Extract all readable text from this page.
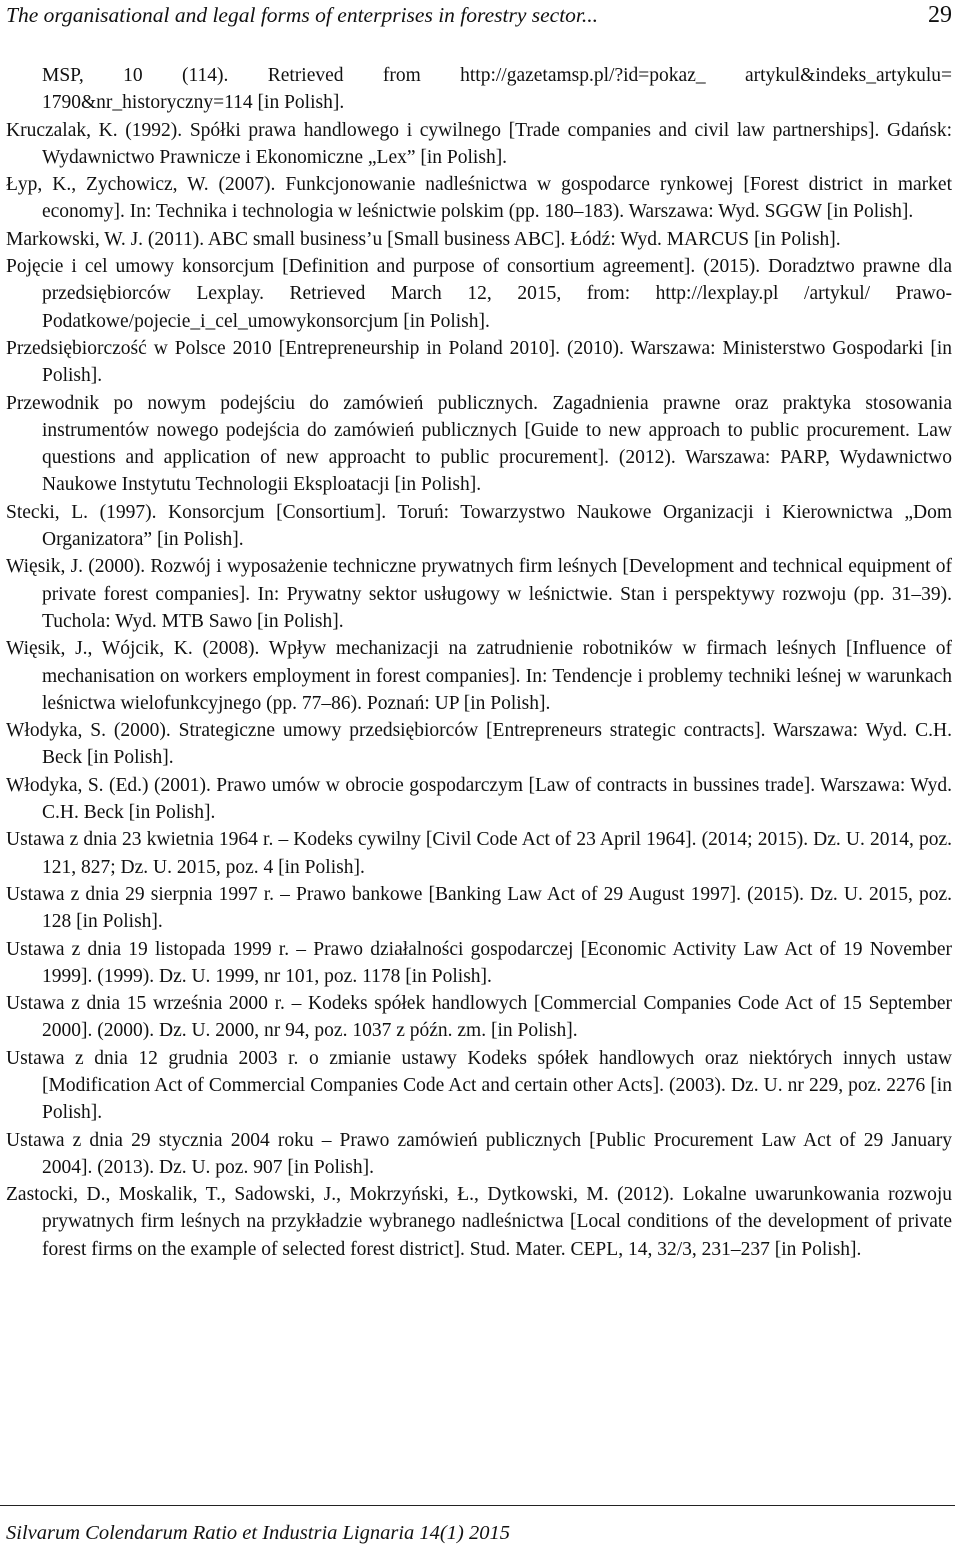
The organisational and legal forms of enterprises in forestry sector...	29

MSP, 10 (114). Retrieved from http://gazetamsp.pl/?id=pokaz_ artykul&indeks_artykulu= 1790&nr_historyczny=114 [in Polish].

Kruczalak, K. (1992). Spółki prawa handlowego i cywilnego [Trade companies and civil law partnerships]. Gdańsk: Wydawnictwo Prawnicze i Ekonomiczne „Lex” [in Polish].

Łyp, K., Zychowicz, W. (2007). Funkcjonowanie nadleśnictwa w gospodarce rynkowej [Forest district in market economy]. In: Technika i technologia w leśnictwie polskim (pp. 180–183). Warszawa: Wyd. SGGW [in Polish].

Markowski, W. J. (2011). ABC small business’u [Small business ABC]. Łódź: Wyd. MARCUS [in Polish].

Pojęcie i cel umowy konsorcjum [Definition and purpose of consortium agreement]. (2015). Doradztwo prawne dla przedsiębiorców Lexplay. Retrieved March 12, 2015, from: http://lexplay.pl /artykul/ Prawo-Podatkowe/pojecie_i_cel_umowykonsorcjum [in Polish].

Przedsiębiorczość w Polsce 2010 [Entrepreneurship in Poland 2010]. (2010). Warszawa: Ministerstwo Gospodarki [in Polish].

Przewodnik po nowym podejściu do zamówień publicznych. Zagadnienia prawne oraz praktyka stosowania instrumentów nowego podejścia do zamówień publicznych [Guide to new approach to public procurement. Law questions and application of new approacht to public procurement]. (2012). Warszawa: PARP, Wydawnictwo Naukowe Instytutu Technologii Eksploatacji [in Polish].

Stecki, L. (1997). Konsorcjum [Consortium]. Toruń: Towarzystwo Naukowe Organizacji i Kierownictwa „Dom Organizatora” [in Polish].

Więsik, J. (2000). Rozwój i wyposażenie techniczne prywatnych firm leśnych [Development and technical equipment of private forest companies]. In: Prywatny sektor usługowy w leśnictwie. Stan i perspektywy rozwoju (pp. 31–39). Tuchola: Wyd. MTB Sawo [in Polish].

Więsik, J., Wójcik, K. (2008). Wpływ mechanizacji na zatrudnienie robotników w firmach leśnych [Influence of mechanisation on workers employment in forest companies]. In: Tendencje i problemy techniki leśnej w warunkach leśnictwa wielofunkcyjnego (pp. 77–86). Poznań: UP [in Polish].

Włodyka, S. (2000). Strategiczne umowy przedsiębiorców [Entrepreneurs strategic contracts]. Warszawa: Wyd. C.H. Beck [in Polish].

Włodyka, S. (Ed.) (2001). Prawo umów w obrocie gospodarczym [Law of contracts in bussines trade]. Warszawa: Wyd. C.H. Beck [in Polish].

Ustawa z dnia 23 kwietnia 1964 r. – Kodeks cywilny [Civil Code Act of 23 April 1964]. (2014; 2015). Dz. U. 2014, poz. 121, 827; Dz. U. 2015, poz. 4 [in Polish].

Ustawa z dnia 29 sierpnia 1997 r. – Prawo bankowe [Banking Law Act of 29 August 1997]. (2015). Dz. U. 2015, poz. 128 [in Polish].

Ustawa z dnia 19 listopada 1999 r. – Prawo działalności gospodarczej [Economic Activity Law Act of 19 November 1999]. (1999). Dz. U. 1999, nr 101, poz. 1178 [in Polish].

Ustawa z dnia 15 września 2000 r. – Kodeks spółek handlowych [Commercial Companies Code Act of 15 September 2000]. (2000). Dz. U. 2000, nr 94, poz. 1037 z późn. zm. [in Polish].

Ustawa z dnia 12 grudnia 2003 r. o zmianie ustawy Kodeks spółek handlowych oraz niektórych innych ustaw [Modification Act of Commercial Companies Code Act and certain other Acts]. (2003). Dz. U. nr 229, poz. 2276 [in Polish].

Ustawa z dnia 29 stycznia 2004 roku – Prawo zamówień publicznych [Public Procurement Law Act of 29 January 2004]. (2013). Dz. U. poz. 907 [in Polish].

Zastocki, D., Moskalik, T., Sadowski, J., Mokrzyński, Ł., Dytkowski, M. (2012). Lokalne uwarunkowania rozwoju prywatnych firm leśnych na przykładzie wybranego nadleśnictwa [Local conditions of the development of private forest firms on the example of selected forest district]. Stud. Mater. CEPL, 14, 32/3, 231–237 [in Polish].

Silvarum Colendarum Ratio et Industria Lignaria 14(1) 2015
